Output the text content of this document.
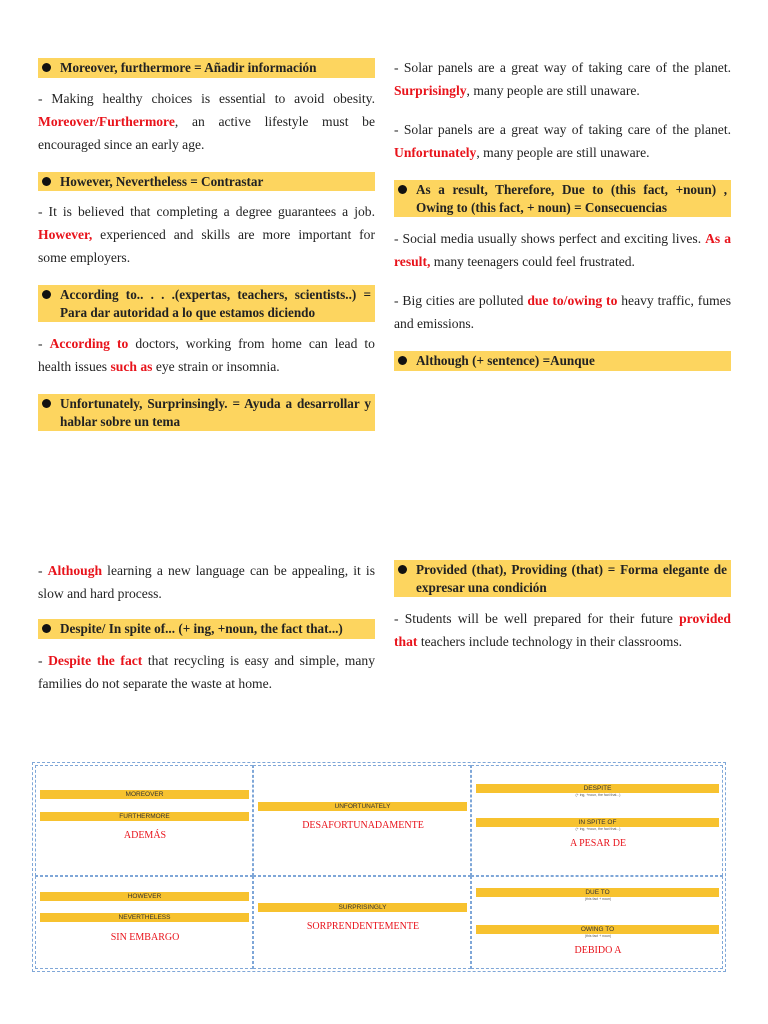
Moreover, furthermore = Añadir información

- Making healthy choices is essential to avoid obesity. Moreover/Furthermore, an active lifestyle must be encouraged since an early age.

However, Nevertheless = Contrastar

- It is believed that completing a degree guarantees a job. However, experienced and skills are more important for some employers.

According to.. . . .(expertas, teachers, scientists..) = Para dar autoridad a lo que estamos diciendo

- According to doctors, working from home can lead to health issues such as eye strain or insomnia.

Unfortunately, Surprinsingly. = Ayuda a desarrollar y hablar sobre un tema

- Although learning a new language can be appealing, it is slow and hard process.

Despite/ In spite of... (+ ing, +noun, the fact that...)

- Despite the fact that recycling is easy and simple, many families do not separate the waste at home.

- Solar panels are a great way of taking care of the planet. Surprisingly, many people are still unaware.

- Solar panels are a great way of taking care of the planet. Unfortunately, many people are still unaware.

As a result, Therefore, Due to (this fact, +noun) , Owing to (this fact, + noun) = Consecuencias

- Social media usually shows perfect and exciting lives. As a result, many teenagers could feel frustrated.

- Big cities are polluted due to/owing to heavy traffic, fumes and emissions.

Although (+ sentence) =Aunque
Provided (that), Providing (that) = Forma elegante de expresar una condición

- Students will be well prepared for their future provided that teachers include technology in their classrooms.

MOREOVER
FURTHERMORE
ADEMÁS
UNFORTUNATELY
DESAFORTUNADAMENTE
DESPITE
(+ ing, +noun, the fact that...)
IN SPITE OF
(+ ing, +noun, the fact that...)
A PESAR DE
HOWEVER
NEVERTHELESS
SIN EMBARGO
SURPRISINGLY
SORPRENDENTEMENTE
DUE TO
(this fact + noun)
OWING TO
(this fact + noun)
DEBIDO A
